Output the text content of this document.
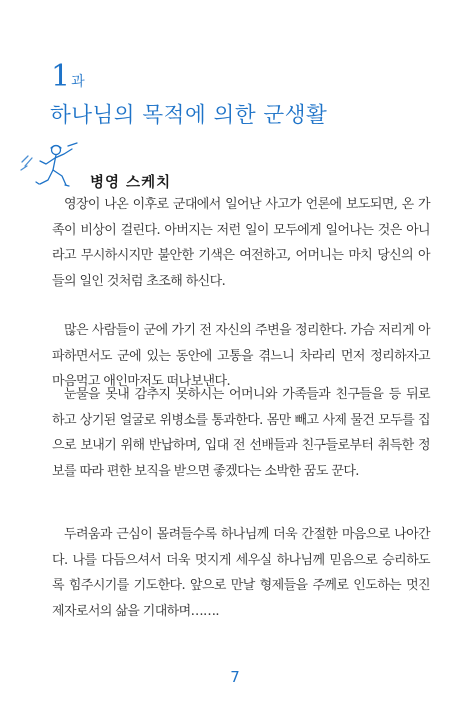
1과
하나님의 목적에 의한 군생활
병영 스케치

영장이 나온 이후로 군대에서 일어난 사고가 언론에 보도되면, 온 가족이 비상이 걸린다. 아버지는 저런 일이 모두에게 일어나는 것은 아니라고 무시하시지만 불안한 기색은 여전하고, 어머니는 마치 당신의 아들의 일인 것처럼 초조해 하신다.

많은 사람들이 군에 가기 전 자신의 주변을 정리한다. 가슴 저리게 아파하면서도 군에 있는 동안에 고통을 겪느니 차라리 먼저 정리하자고 마음먹고 애인마저도 떠나보낸다.

눈물을 못내 감추지 못하시는 어머니와 가족들과 친구들을 등 뒤로 하고 상기된 얼굴로 위병소를 통과한다. 몸만 빼고 사제 물건 모두를 집으로 보내기 위해 반납하며, 입대 전 선배들과 친구들로부터 취득한 정보를 따라 편한 보직을 받으면 좋겠다는 소박한 꿈도 꾼다.

두려움과 근심이 몰려들수록 하나님께 더욱 간절한 마음으로 나아간다. 나를 다듬으셔서 더욱 멋지게 세우실 하나님께 믿음으로 승리하도록 힘주시기를 기도한다. 앞으로 만날 형제들을 주께로 인도하는 멋진 제자로서의 삶을 기대하며…….

7
